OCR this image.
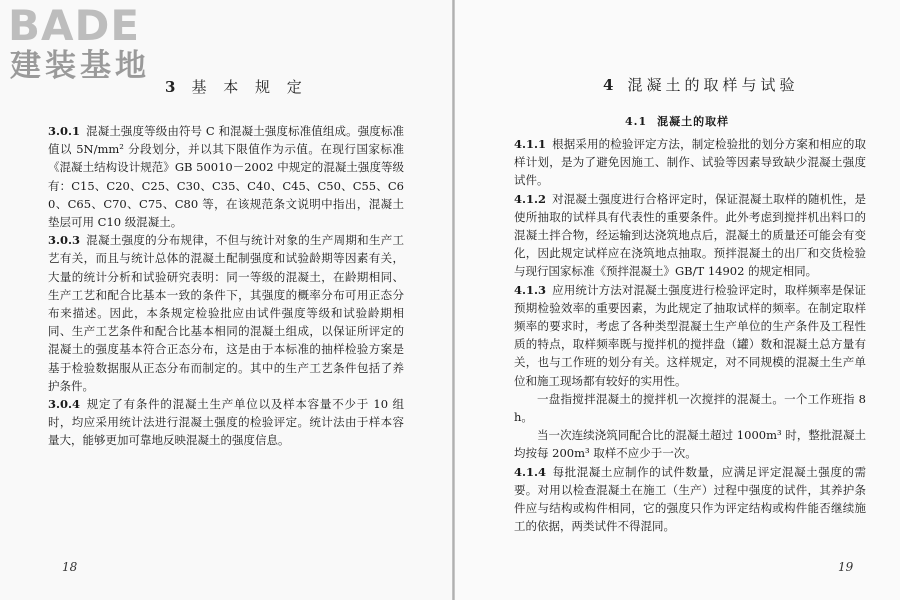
BADE
建装基地
3 基 本 规 定

3.0.1 混凝土强度等级由符号 C 和混凝土强度标准值组成。强度标准值以 5N/mm² 分段划分，并以其下限值作为示值。在现行国家标准《混凝土结构设计规范》GB 50010－2002 中规定的混凝土强度等级有：C15、C20、C25、C30、C35、C40、C45、C50、C55、C60、C65、C70、C75、C80 等，在该规范条文说明中指出，混凝土垫层可用 C10 级混凝土。

3.0.3 混凝土强度的分布规律，不但与统计对象的生产周期和生产工艺有关，而且与统计总体的混凝土配制强度和试验龄期等因素有关，大量的统计分析和试验研究表明：同一等级的混凝土，在龄期相同、生产工艺和配合比基本一致的条件下，其强度的概率分布可用正态分布来描述。因此，本条规定检验批应由试件强度等级和试验龄期相同、生产工艺条件和配合比基本相同的混凝土组成，以保证所评定的混凝土的强度基本符合正态分布，这是由于本标准的抽样检验方案是基于检验数据服从正态分布而制定的。其中的生产工艺条件包括了养护条件。

3.0.4 规定了有条件的混凝土生产单位以及样本容量不少于 10 组时，均应采用统计法进行混凝土强度的检验评定。统计法由于样本容量大，能够更加可靠地反映混凝土的强度信息。

18
4 混凝土的取样与试验
4.1 混凝土的取样

4.1.1 根据采用的检验评定方法，制定检验批的划分方案和相应的取样计划，是为了避免因施工、制作、试验等因素导致缺少混凝土强度试件。

4.1.2 对混凝土强度进行合格评定时，保证混凝土取样的随机性，是使所抽取的试样具有代表性的重要条件。此外考虑到搅拌机出料口的混凝土拌合物，经运输到达浇筑地点后，混凝土的质量还可能会有变化，因此规定试样应在浇筑地点抽取。预拌混凝土的出厂和交货检验与现行国家标准《预拌混凝土》GB/T 14902 的规定相同。

4.1.3 应用统计方法对混凝土强度进行检验评定时，取样频率是保证预期检验效率的重要因素，为此规定了抽取试样的频率。在制定取样频率的要求时，考虑了各种类型混凝土生产单位的生产条件及工程性质的特点，取样频率既与搅拌机的搅拌盘（罐）数和混凝土总方量有关，也与工作班的划分有关。这样规定，对不同规模的混凝土生产单位和施工现场都有较好的实用性。

一盘指搅拌混凝土的搅拌机一次搅拌的混凝土。一个工作班指 8h。

当一次连续浇筑同配合比的混凝土超过 1000m³ 时，整批混凝土均按每 200m³ 取样不应少于一次。

4.1.4 每批混凝土应制作的试件数量，应满足评定混凝土强度的需要。对用以检查混凝土在施工（生产）过程中强度的试件，其养护条件应与结构或构件相同，它的强度只作为评定结构或构件能否继续施工的依据，两类试件不得混同。

19
